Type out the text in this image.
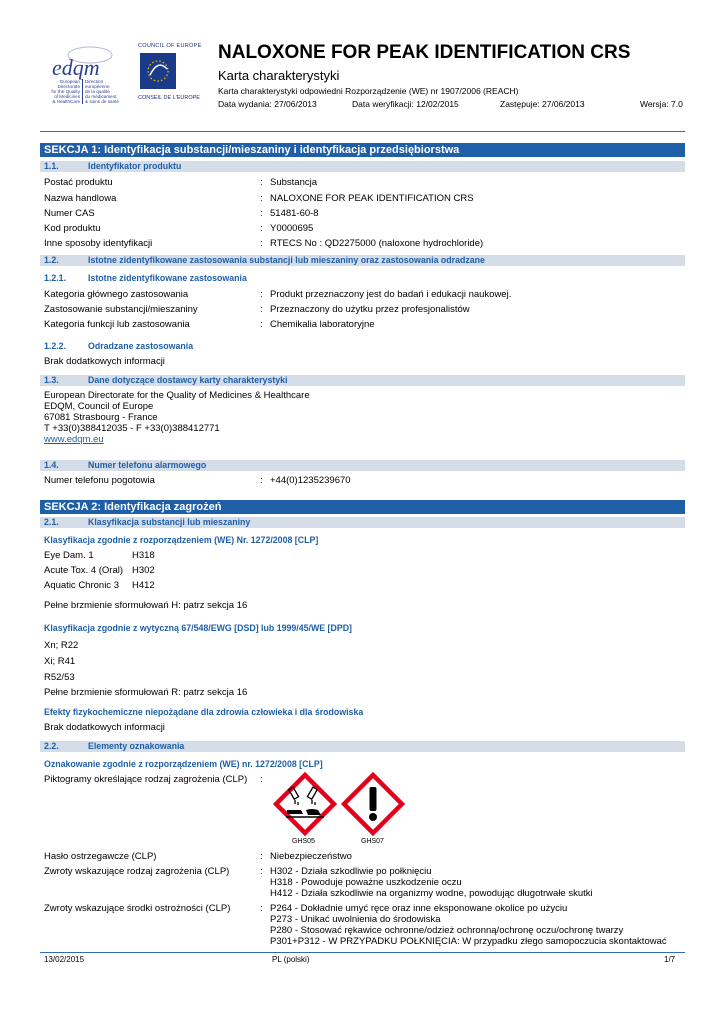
edqm
European Directorate
for the Quality
of Medicines
& HealthCare
Direction européenne
de la qualité
du médicament
& soins de santé
COUNCIL OF EUROPE
CONSEIL DE L'EUROPE
NALOXONE FOR PEAK IDENTIFICATION CRS
Karta charakterystyki
Karta charakterystyki odpowiedni Rozporządzenie (WE) nr 1907/2006 (REACH)
Data wydania: 27/06/2013	Data weryfikacji: 12/02/2015	Zastępuje: 27/06/2013	Wersja: 7.0
SEKCJA 1: Identyfikacja substancji/mieszaniny i identyfikacja przedsiębiorstwa
1.1.	Identyfikator produktu
Postać produktu	: Substancja
Nazwa handlowa	: NALOXONE FOR PEAK IDENTIFICATION CRS
Numer CAS	: 51481-60-8
Kod produktu	: Y0000695
Inne sposoby identyfikacji	: RTECS No : QD2275000 (naloxone hydrochloride)
1.2.	Istotne zidentyfikowane zastosowania substancji lub mieszaniny oraz zastosowania odradzane
1.2.1. Istotne zidentyfikowane zastosowania
Kategoria głównego zastosowania	: Produkt przeznaczony jest do badań i edukacji naukowej.
Zastosowanie substancji/mieszaniny	: Przeznaczony do użytku przez profesjonalistów
Kategoria funkcji lub zastosowania	: Chemikalia laboratoryjne
1.2.2. Odradzane zastosowania
Brak dodatkowych informacji
1.3.	Dane dotyczące dostawcy karty charakterystyki
European Directorate for the Quality of Medicines & Healthcare
EDQM, Council of Europe
67081 Strasbourg - France
T +33(0)388412035 - F +33(0)388412771
www.edqm.eu
1.4.	Numer telefonu alarmowego
Numer telefonu pogotowia	: +44(0)1235239670
SEKCJA 2: Identyfikacja zagrożeń
2.1.	Klasyfikacja substancji lub mieszaniny
Klasyfikacja zgodnie z rozporządzeniem (WE) Nr. 1272/2008 [CLP]
Eye Dam. 1	H318
Acute Tox. 4 (Oral) H302
Aquatic Chronic 3 H412
Pełne brzmienie sformułowań H: patrz sekcja 16
Klasyfikacja zgodnie z wytyczną 67/548/EWG [DSD] lub 1999/45/WE [DPD]
Xn; R22
Xi; R41
R52/53
Pełne brzmienie sformułowań R: patrz sekcja 16
Efekty fizykochemiczne niepożądane dla zdrowia człowieka i dla środowiska
Brak dodatkowych informacji
2.2.	Elementy oznakowania
Oznakowanie zgodnie z rozporządzeniem (WE) nr. 1272/2008 [CLP]
Piktogramy określające rodzaj zagrożenia (CLP) :
GHS05	GHS07
Hasło ostrzegawcze (CLP)	: Niebezpieczeństwo
Zwroty wskazujące rodzaj zagrożenia (CLP)	: H302 - Działa szkodliwie po połknięciu
H318 - Powoduje poważne uszkodzenie oczu
H412 - Działa szkodliwie na organizmy wodne, powodując długotrwałe skutki
Zwroty wskazujące środki ostrożności (CLP)	: P264 - Dokładnie umyć ręce oraz inne eksponowane okolice po użyciu
P273 - Unikać uwolnienia do środowiska
P280 - Stosować rękawice ochronne/odzież ochronną/ochronę oczu/ochronę twarzy
P301+P312 - W PRZYPADKU POŁKNIĘCIA: W przypadku złego samopoczucia skontaktować
13/02/2015	PL (polski)	1/7
